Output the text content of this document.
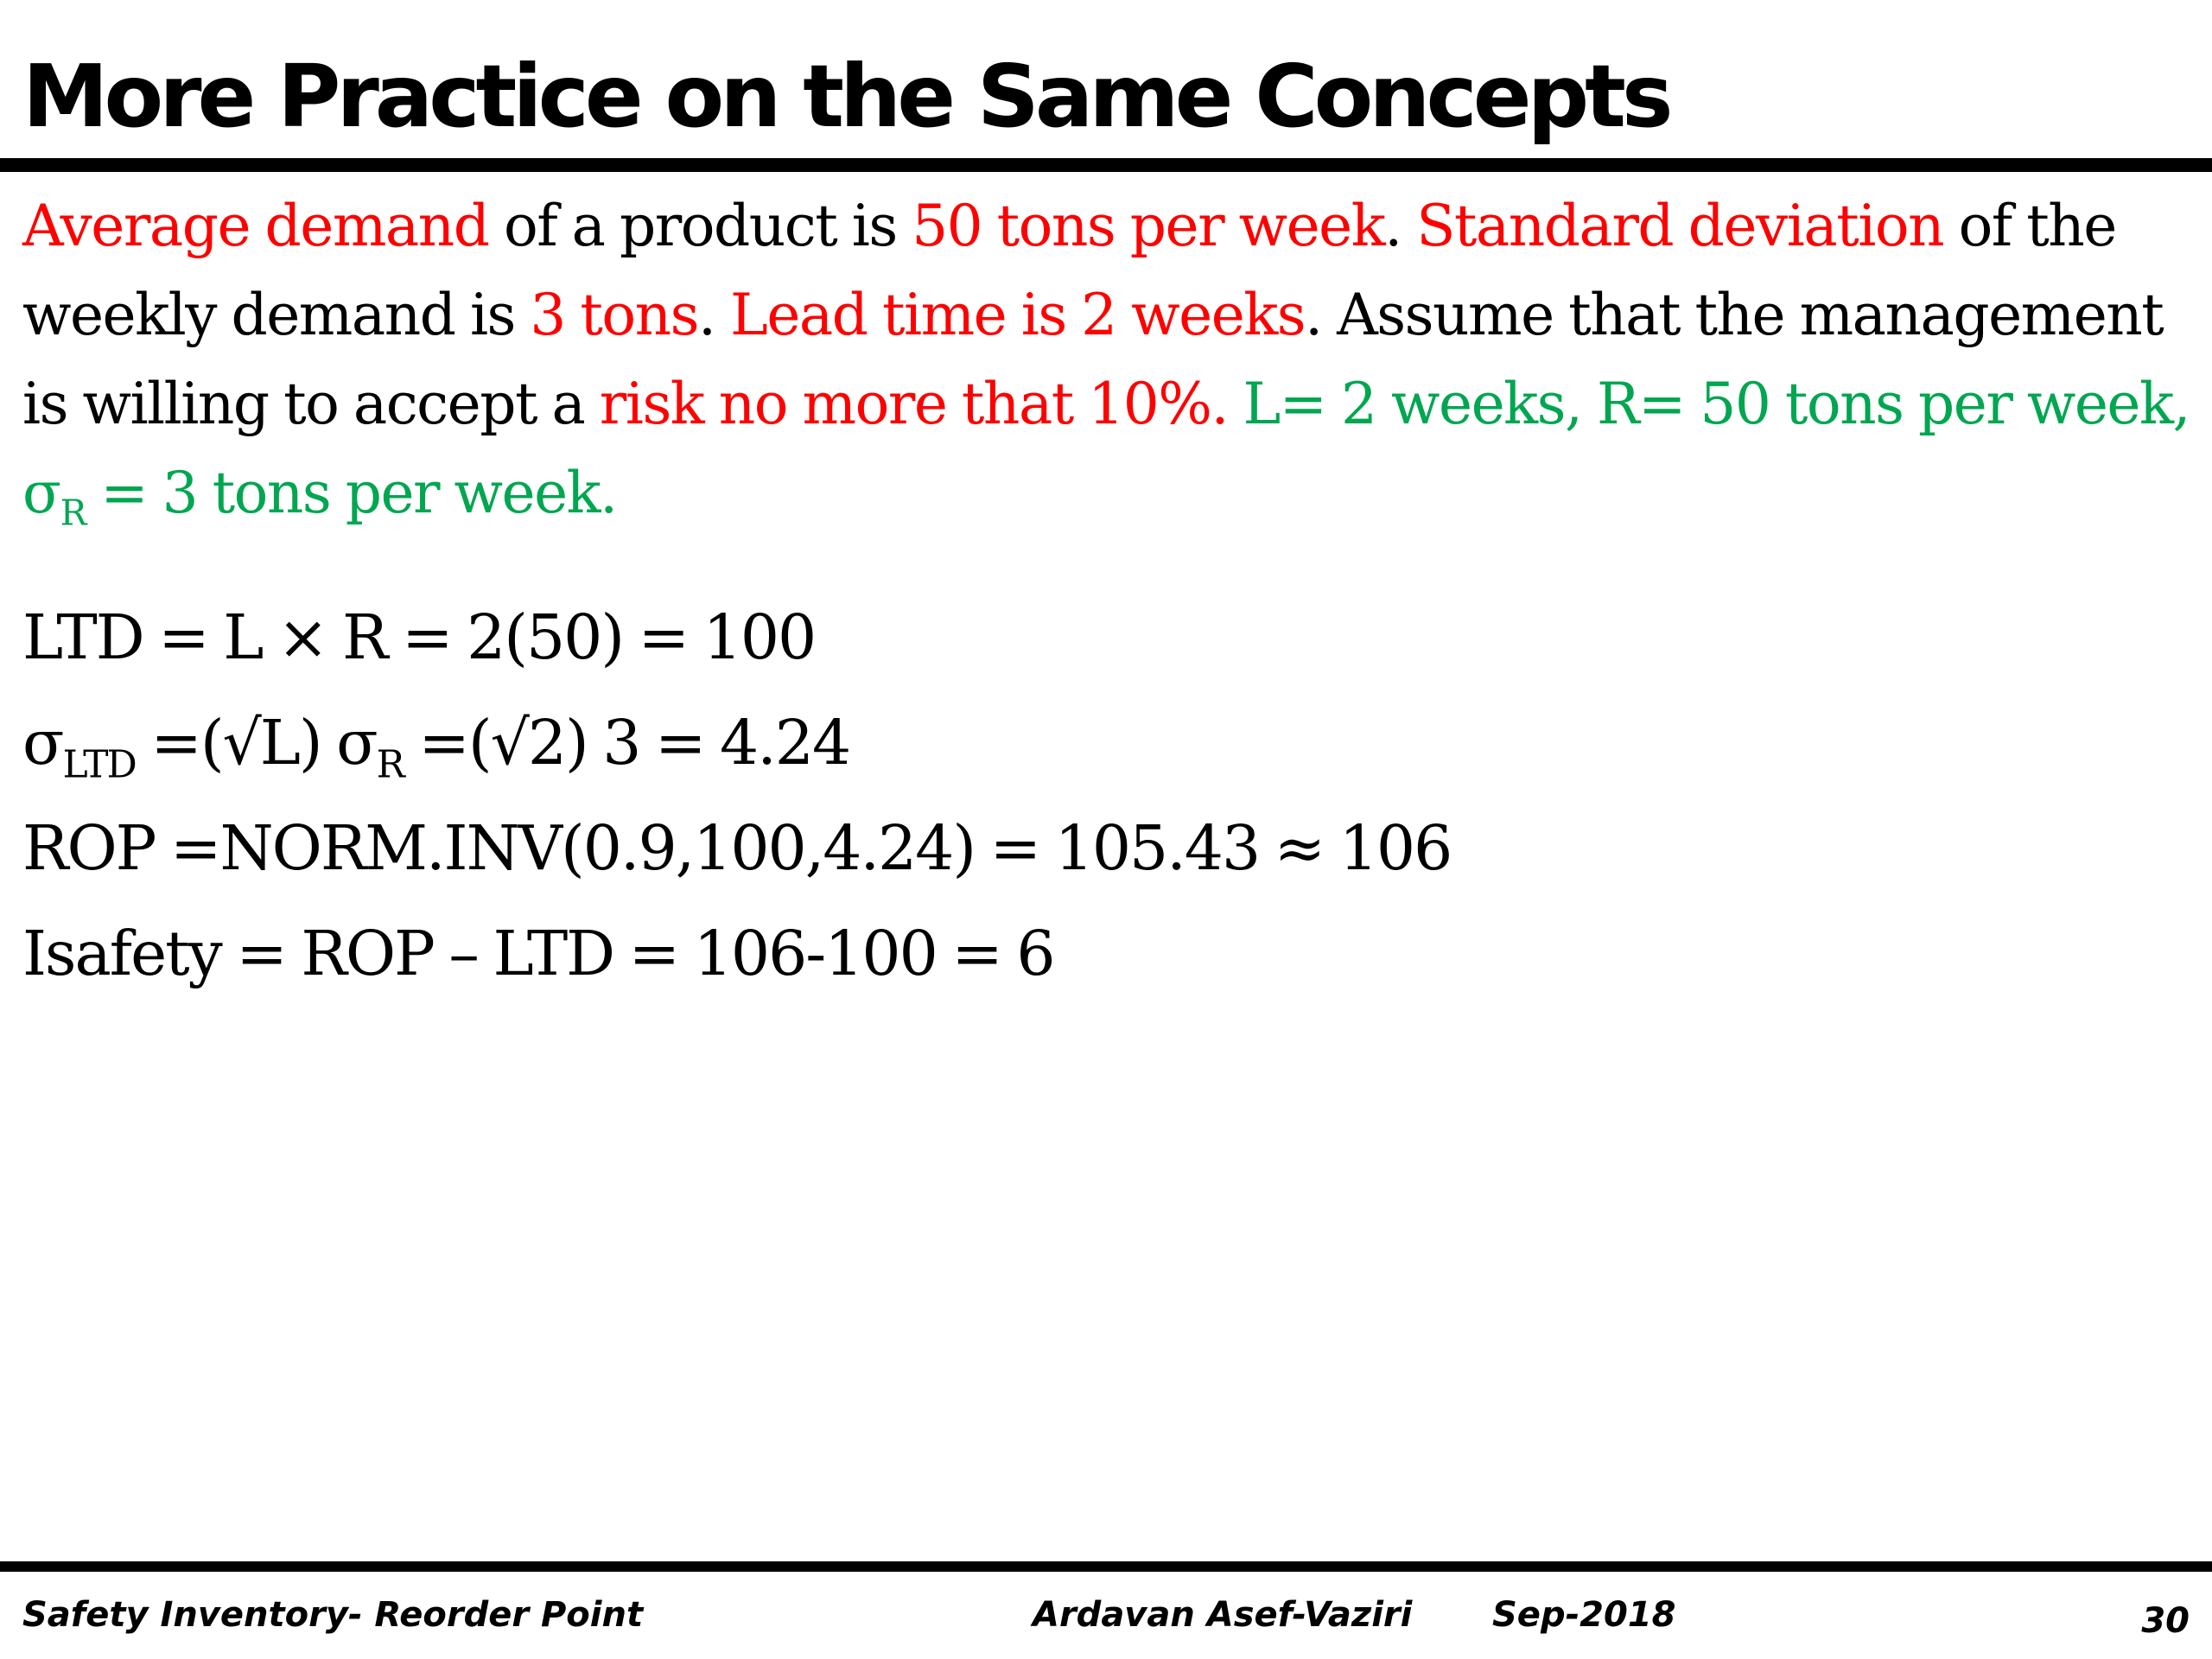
More Practice on the Same Concepts

Average demand of a product is 50 tons per week. Standard deviation of the weekly demand is 3 tons. Lead time is 2 weeks. Assume that the management is willing to accept a risk no more that 10%. L= 2 weeks, R= 50 tons per week, $\sigma_R = 3$ tons per week.

LTD = L × R = 2(50) = 100

$\sigma_{LTD} =(√L)$ $\sigma_R =(√2) 3 = 4.24$

ROP =NORM.INV(0.9,100,4.24) = 105.43 ≈ 106

Isafety = ROP – LTD = 106-100 = 6

Safety Inventory- Reorder Point	Ardavan Asef-Vaziri Sep-2018	30
